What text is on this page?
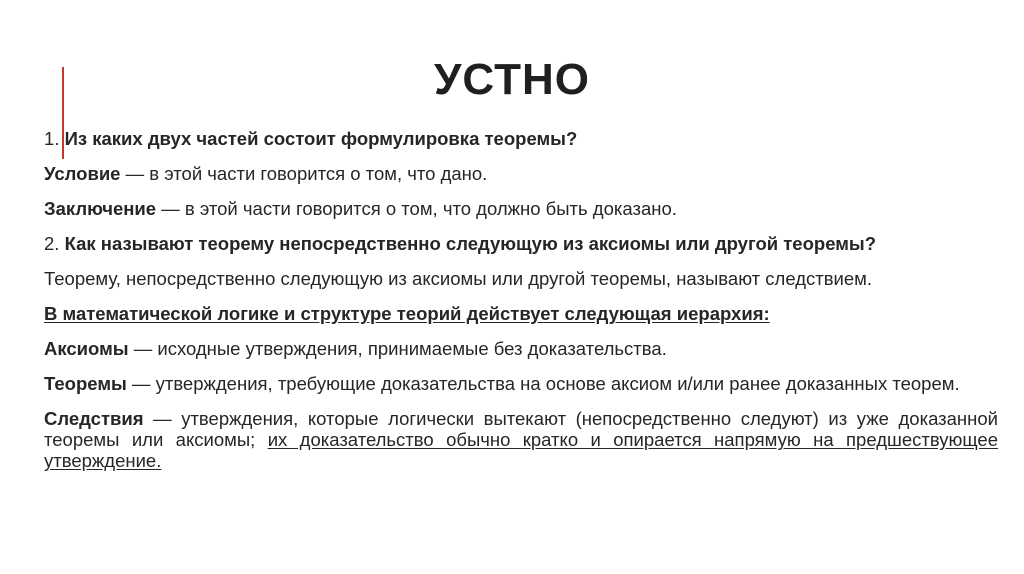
УСТНО

1. Из каких двух частей состоит формулировка теоремы?

Условие — в этой части говорится о том, что дано.

Заключение — в этой части говорится о том, что должно быть доказано.

2. Как называют теорему непосредственно следующую из аксиомы или другой теоремы?

Теорему, непосредственно следующую из аксиомы или другой теоремы, называют следствием.

В математической логике и структуре теорий действует следующая иерархия:

Аксиомы — исходные утверждения, принимаемые без доказательства.

Теоремы — утверждения, требующие доказательства на основе аксиом и/или ранее доказанных теорем.

Следствия — утверждения, которые логически вытекают (непосредственно следуют) из уже доказанной теоремы или аксиомы; их доказательство обычно кратко и опирается напрямую на предшествующее утверждение.
